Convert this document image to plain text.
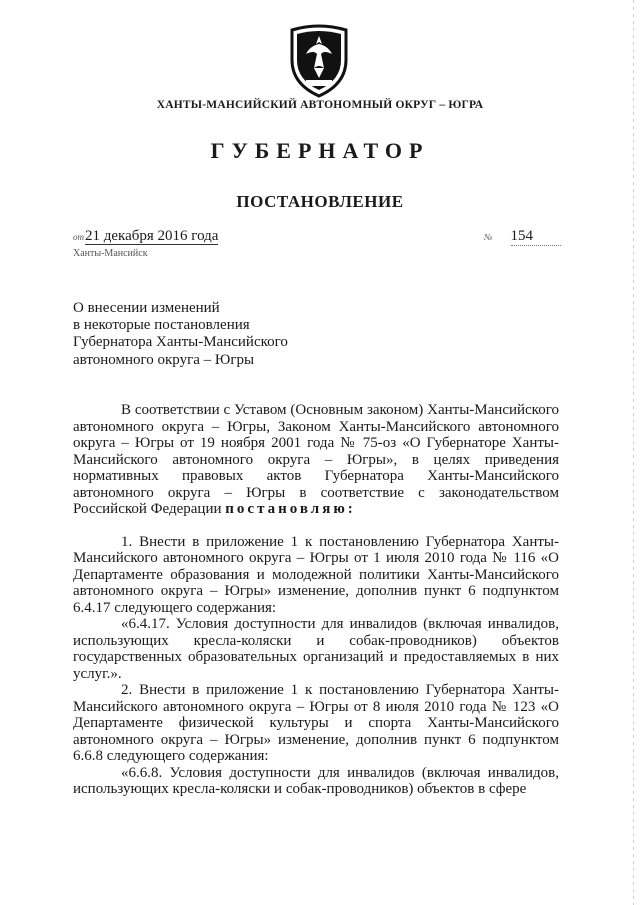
ХАНТЫ-МАНСИЙСКИЙ АВТОНОМНЫЙ ОКРУГ – ЮГРА
ГУБЕРНАТОР
ПОСТАНОВЛЕНИЕ
от21 декабря 2016 года	№ 154
Ханты-Мансийск
О внесении изменений
в некоторые постановления
Губернатора Ханты-Мансийского
автономного округа – Югры

В соответствии с Уставом (Основным законом) Ханты-Мансийского автономного округа – Югры, Законом Ханты-Мансийского автономного округа – Югры от 19 ноября 2001 года № 75-оз «О Губернаторе Ханты-Мансийского автономного округа – Югры», в целях приведения нормативных правовых актов Губернатора Ханты-Мансийского автономного округа – Югры в соответствие с законодательством Российской Федерации постановляю:

1. Внести в приложение 1 к постановлению Губернатора Ханты-Мансийского автономного округа – Югры от 1 июля 2010 года № 116 «О Департаменте образования и молодежной политики Ханты-Мансийского автономного округа – Югры» изменение, дополнив пункт 6 подпунктом 6.4.17 следующего содержания:

«6.4.17. Условия доступности для инвалидов (включая инвалидов, использующих кресла-коляски и собак-проводников) объектов государственных образовательных организаций и предоставляемых в них услуг.».

2. Внести в приложение 1 к постановлению Губернатора Ханты-Мансийского автономного округа – Югры от 8 июля 2010 года № 123 «О Департаменте физической культуры и спорта Ханты-Мансийского автономного округа – Югры» изменение, дополнив пункт 6 подпунктом 6.6.8 следующего содержания:

«6.6.8. Условия доступности для инвалидов (включая инвалидов, использующих кресла-коляски и собак-проводников) объектов в сфере
